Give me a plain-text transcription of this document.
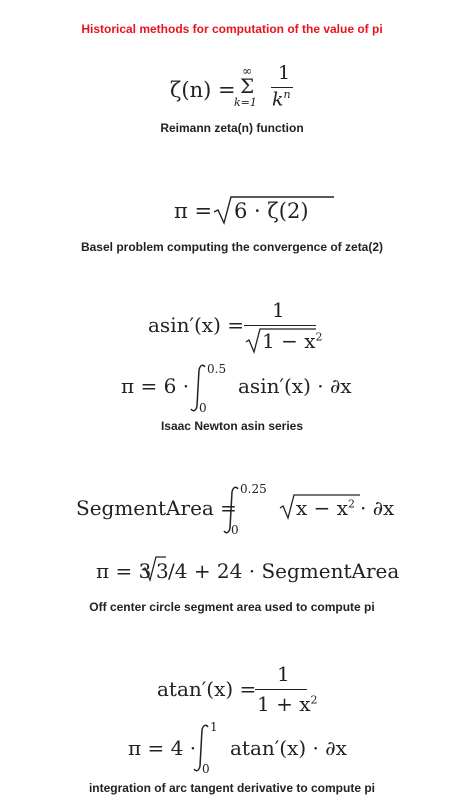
Historical methods for computation of the value of pi
ζ(n) =
∞
Σ
k=1
1
$k^n$
Reimann zeta(n) function
π = 6 · ζ(2)
Basel problem computing the convergence of zeta(2)
asin′(x) =
1
$1 - x^2$
π = 6 ·
0.5
0
asin′(x) · ∂x
Isaac Newton asin series
SegmentArea =
0.25
0
$x - x^2 \cdot \partial x$
π = 3 3 /4 + 24 · SegmentArea
Off center circle segment area used to compute pi
atan′(x) =
1
$1 + x^2$
π = 4 ·
1
0
atan′(x) · ∂x
integration of arc tangent derivative to compute pi
